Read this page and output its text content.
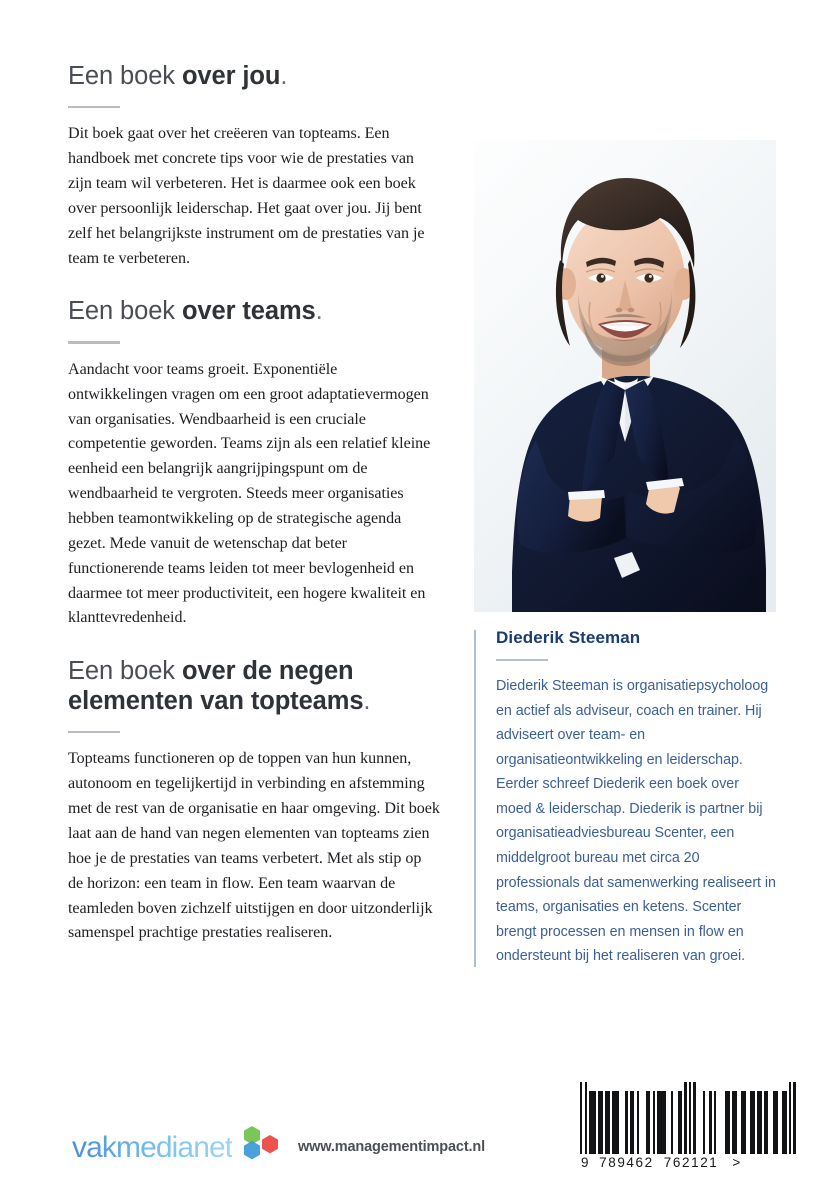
Een boek over jou.

Dit boek gaat over het creëeren van topteams. Een handboek met concrete tips voor wie de prestaties van zijn team wil verbeteren. Het is daarmee ook een boek over persoonlijk leiderschap. Het gaat over jou. Jij bent zelf het belangrijkste instrument om de prestaties van je team te verbeteren.

Een boek over teams.

Aandacht voor teams groeit. Exponentiële ontwikkelingen vragen om een groot adaptatievermogen van organisaties. Wendbaarheid is een cruciale competentie geworden. Teams zijn als een relatief kleine eenheid een belangrijk aangrijpingspunt om de wendbaarheid te vergroten. Steeds meer organisaties hebben teamontwikkeling op de strategische agenda gezet. Mede vanuit de wetenschap dat beter functionerende teams leiden tot meer bevlogenheid en daarmee tot meer productiviteit, een hogere kwaliteit en klanttevredenheid.

Een boek over de negen elementen van topteams.

Topteams functioneren op de toppen van hun kunnen, autonoom en tegelijkertijd in verbinding en afstemming met de rest van de organisatie en haar omgeving. Dit boek laat aan de hand van negen elementen van topteams zien hoe je de prestaties van teams verbetert. Met als stip op de horizon: een team in flow. Een team waarvan de teamleden boven zichzelf uitstijgen en door uitzonderlijk samenspel prachtige prestaties realiseren.

Diederik Steeman

Diederik Steeman is organisatiepsycholoog en actief als adviseur, coach en trainer. Hij adviseert over team- en organisatieontwikkeling en leiderschap. Eerder schreef Diederik een boek over moed & leiderschap. Diederik is partner bij organisatieadviesbureau Scenter, een middelgroot bureau met circa 20 professionals dat samenwerking realiseert in teams, organisaties en ketens. Scenter brengt processen en mensen in flow en ondersteunt bij het realiseren van groei.

vakmedianet	www.managementimpact.nl
9 789462 762121 >
